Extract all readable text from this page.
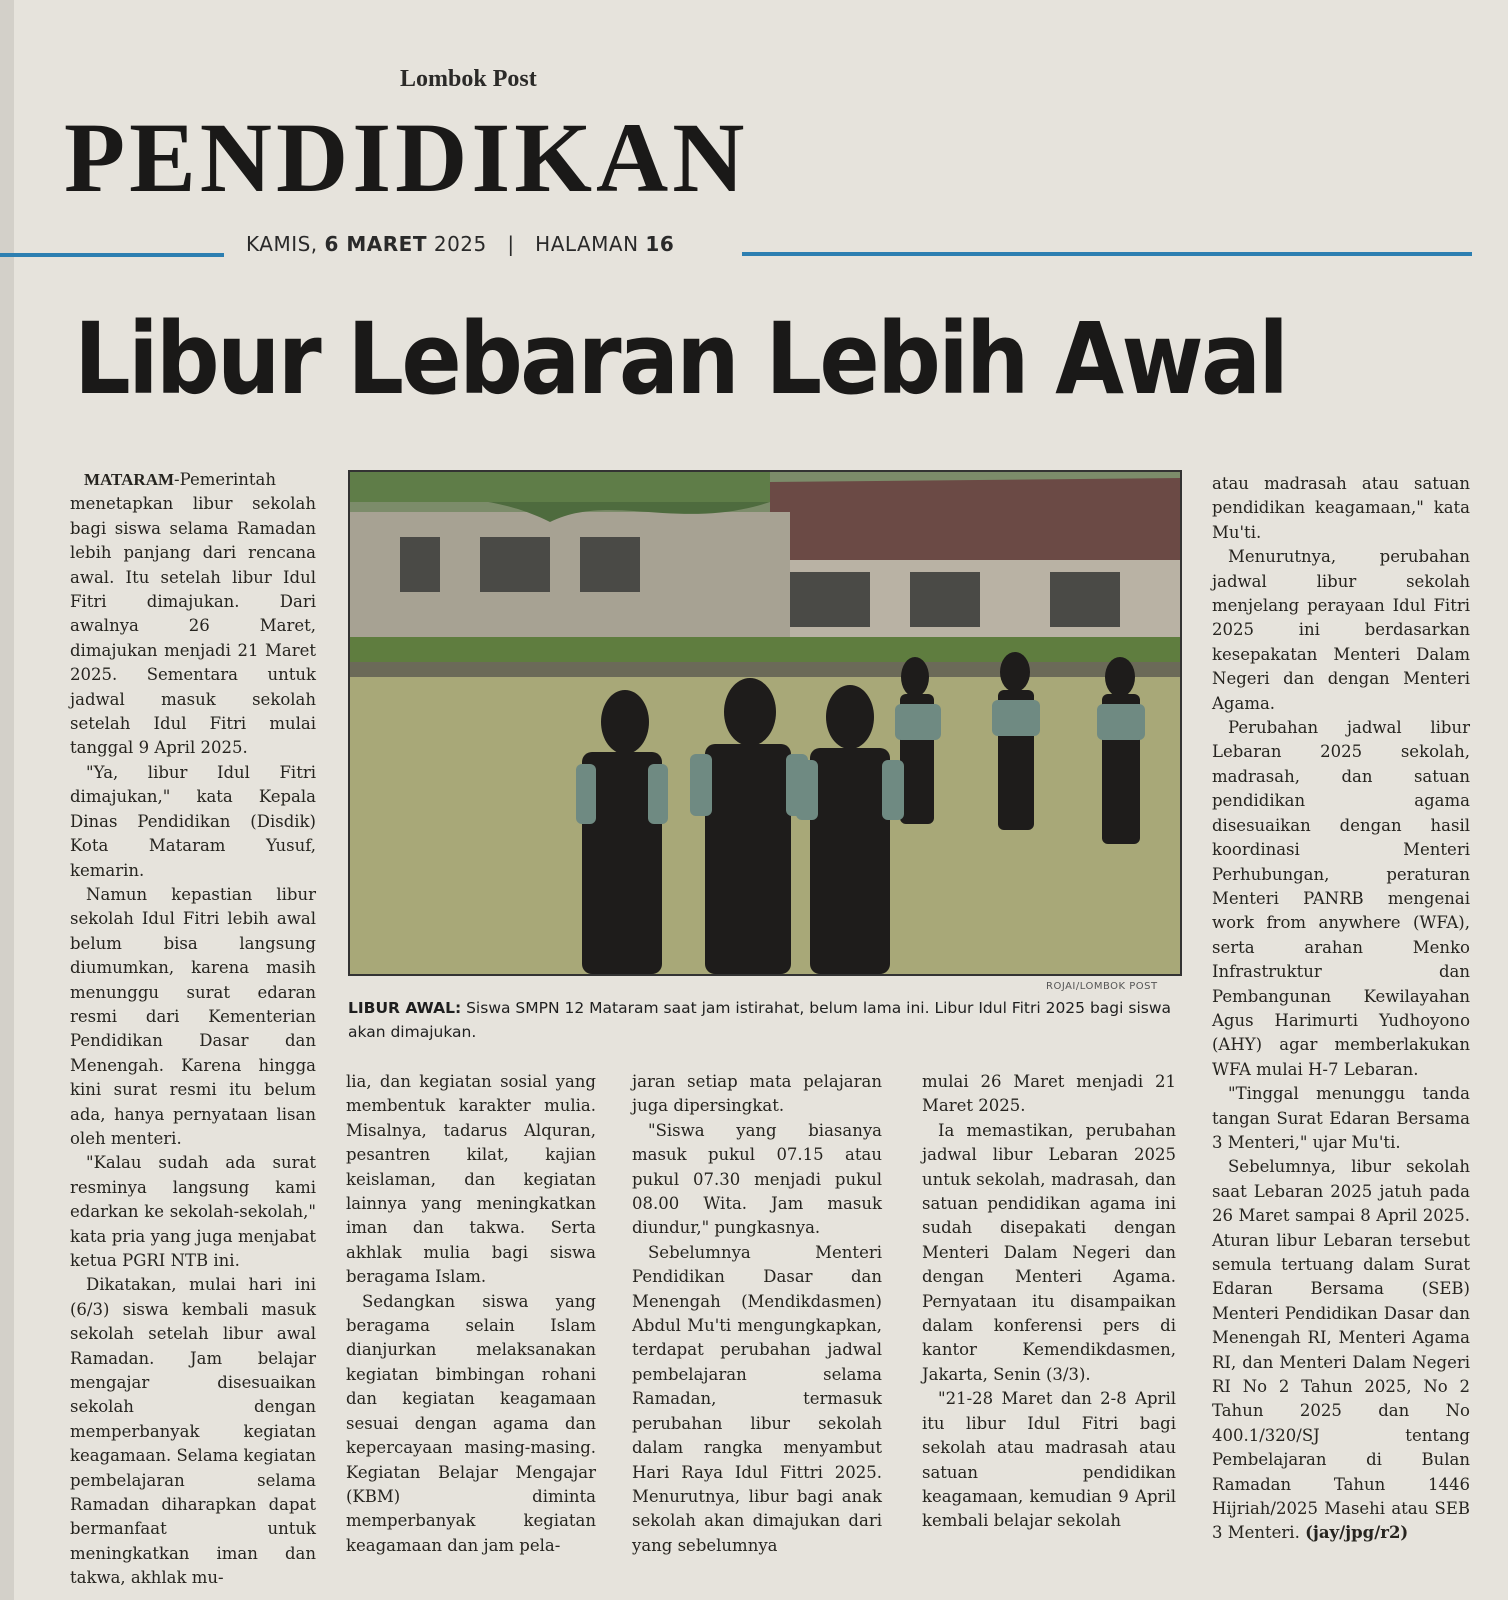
Lombok Post
PENDIDIKAN
KAMIS, 6 MARET 2025 | HALAMAN 16
Libur Lebaran Lebih Awal

MATARAM-Pemerintah menetapkan libur sekolah bagi siswa selama Ramadan lebih panjang dari rencana awal. Itu setelah libur Idul Fitri dimajukan. Dari awalnya 26 Maret, dimajukan menjadi 21 Maret 2025. Sementara untuk jadwal masuk sekolah setelah Idul Fitri mulai tanggal 9 April 2025.

"Ya, libur Idul Fitri dimajukan," kata Kepala Dinas Pendidikan (Disdik) Kota Mataram Yusuf, kemarin.

Namun kepastian libur sekolah Idul Fitri lebih awal belum bisa langsung diumumkan, karena masih menunggu surat edaran resmi dari Kementerian Pendidikan Dasar dan Menengah. Karena hingga kini surat resmi itu belum ada, hanya pernyataan lisan oleh menteri.

"Kalau sudah ada surat resminya langsung kami edarkan ke sekolah-sekolah," kata pria yang juga menjabat ketua PGRI NTB ini.

Dikatakan, mulai hari ini (6/3) siswa kembali masuk sekolah setelah libur awal Ramadan. Jam belajar mengajar disesuaikan sekolah dengan memperbanyak kegiatan keagamaan. Selama kegiatan pembelajaran selama Ramadan diharapkan dapat bermanfaat untuk meningkatkan iman dan takwa, akhlak mu-

ROJAI/LOMBOK POST
LIBUR AWAL: Siswa SMPN 12 Mataram saat jam istirahat, belum lama ini. Libur Idul Fitri 2025 bagi siswa akan dimajukan.

lia, dan kegiatan sosial yang membentuk karakter mulia. Misalnya, tadarus Alquran, pesantren kilat, kajian keislaman, dan kegiatan lainnya yang meningkatkan iman dan takwa. Serta akhlak mulia bagi siswa beragama Islam.

Sedangkan siswa yang beragama selain Islam dianjurkan melaksanakan kegiatan bimbingan rohani dan kegiatan keagamaan sesuai dengan agama dan kepercayaan masing-masing. Kegiatan Belajar Mengajar (KBM) diminta memperbanyak kegiatan keagamaan dan jam pela-

jaran setiap mata pelajaran juga dipersingkat.

"Siswa yang biasanya masuk pukul 07.15 atau pukul 07.30 menjadi pukul 08.00 Wita. Jam masuk diundur," pungkasnya.

Sebelumnya Menteri Pendidikan Dasar dan Menengah (Mendikdasmen) Abdul Mu'ti mengungkapkan, terdapat perubahan jadwal pembelajaran selama Ramadan, termasuk perubahan libur sekolah dalam rangka menyambut Hari Raya Idul Fittri 2025. Menurutnya, libur bagi anak sekolah akan dimajukan dari yang sebelumnya

mulai 26 Maret menjadi 21 Maret 2025.

Ia memastikan, perubahan jadwal libur Lebaran 2025 untuk sekolah, madrasah, dan satuan pendidikan agama ini sudah disepakati dengan Menteri Dalam Negeri dan dengan Menteri Agama. Pernyataan itu disampaikan dalam konferensi pers di kantor Kemendikdasmen, Jakarta, Senin (3/3).

"21-28 Maret dan 2-8 April itu libur Idul Fitri bagi sekolah atau madrasah atau satuan pendidikan keagamaan, kemudian 9 April kembali belajar sekolah

atau madrasah atau satuan pendidikan keagamaan," kata Mu'ti.

Menurutnya, perubahan jadwal libur sekolah menjelang perayaan Idul Fitri 2025 ini berdasarkan kesepakatan Menteri Dalam Negeri dan dengan Menteri Agama.

Perubahan jadwal libur Lebaran 2025 sekolah, madrasah, dan satuan pendidikan agama disesuaikan dengan hasil koordinasi Menteri Perhubungan, peraturan Menteri PANRB mengenai work from anywhere (WFA), serta arahan Menko Infrastruktur dan Pembangunan Kewilayahan Agus Harimurti Yudhoyono (AHY) agar memberlakukan WFA mulai H-7 Lebaran.

"Tinggal menunggu tanda tangan Surat Edaran Bersama 3 Menteri," ujar Mu'ti.

Sebelumnya, libur sekolah saat Lebaran 2025 jatuh pada 26 Maret sampai 8 April 2025. Aturan libur Lebaran tersebut semula tertuang dalam Surat Edaran Bersama (SEB) Menteri Pendidikan Dasar dan Menengah RI, Menteri Agama RI, dan Menteri Dalam Negeri RI No 2 Tahun 2025, No 2 Tahun 2025 dan No 400.1/320/SJ tentang Pembelajaran di Bulan Ramadan Tahun 1446 Hijriah/2025 Masehi atau SEB 3 Menteri. (jay/jpg/r2)
